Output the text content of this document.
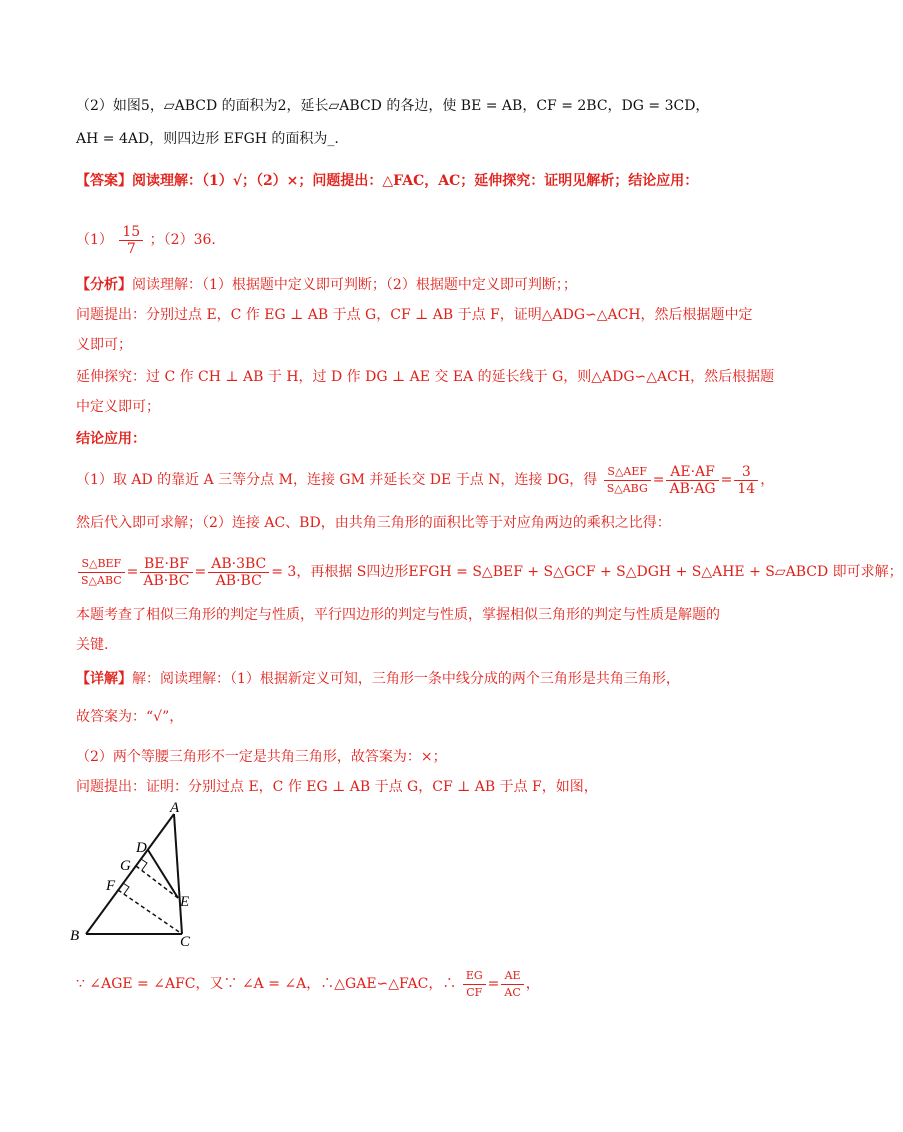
（2）如图5，▱ABCD 的面积为2，延长▱ABCD 的各边，使 BE = AB，CF = 2BC，DG = 3CD，
AH = 4AD，则四边形 EFGH 的面积为_.
【答案】阅读理解：（1）√；（2）×；问题提出：△FAC，AC；延伸探究：证明见解析；结论应用：
$(1) \frac{15}{7}$ ；（2）36.
【分析】阅读理解：（1）根据题中定义即可判断；（2）根据题中定义即可判断；；
问题提出：分别过点 E，C 作 EG ⊥ AB 于点 G，CF ⊥ AB 于点 F，证明△ADG∽△ACH，然后根据题中定
义即可；
延伸探究：过 C 作 CH ⊥ AB 于 H，过 D 作 DG ⊥ AE 交 EA 的延长线于 G，则△ADG∽△ACH，然后根据题
中定义即可；
结论应用：
（1）取 AD 的靠近 A 三等分点 M，连接 GM 并延长交 DE 于点 N，连接 DG，得 $\frac{\text{S△AEF}}{\text{S△ABG}} = \frac{AE\cdot AF}{AB\cdot AG} = \frac{3}{14}$ ，
然后代入即可求解；（2）连接 AC、BD，由共角三角形的面积比等于对应角两边的乘积之比得：
$\frac{\text{S△BEF}}{\text{S△ABC}} = \frac{BE\cdot BF}{AB\cdot BC} = \frac{AB\cdot 3BC}{AB\cdot BC} = 3$，再根据 S四边形EFGH = S△BEF + S△GCF + S△DGH + S△AHE + S▱ABCD 即可求解；
本题考查了相似三角形的判定与性质，平行四边形的判定与性质，掌握相似三角形的判定与性质是解题的
关键.
【详解】解：阅读理解：（1）根据新定义可知，三角形一条中线分成的两个三角形是共角三角形，
故答案为：“√”，
（2）两个等腰三角形不一定是共角三角形，故答案为：×；
问题提出：证明：分别过点 E，C 作 EG ⊥ AB 于点 G，CF ⊥ AB 于点 F，如图，
A
B	C
D
E
F
G
∵ ∠AGE = ∠AFC，又∵ ∠A = ∠A，∴△GAE∽△FAC，∴ $\frac{EG}{CF} = \frac{AE}{AC}$ ，
